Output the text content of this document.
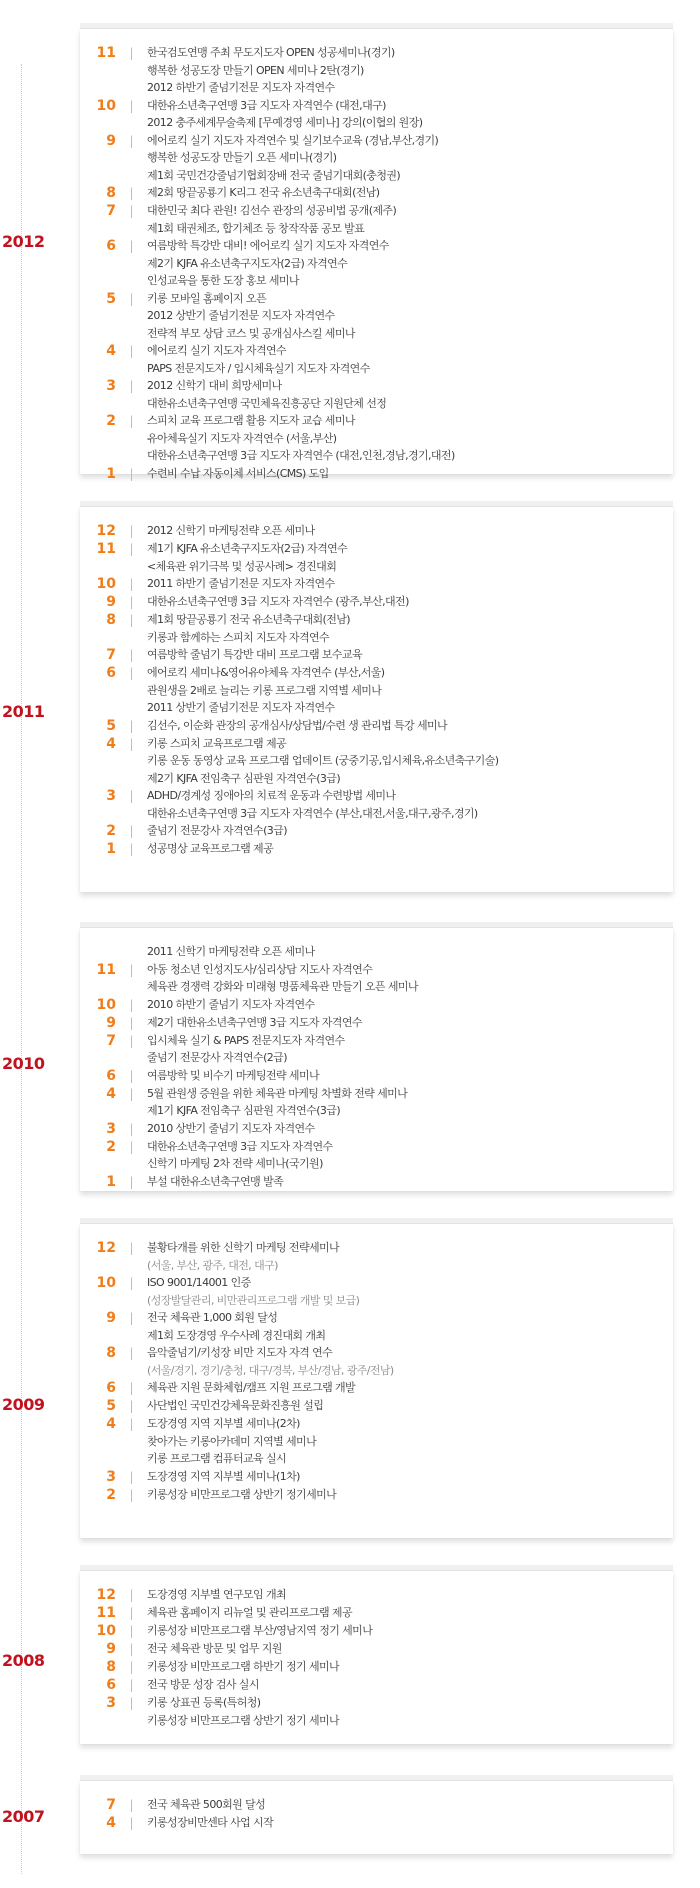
2012
11	|	한국검도연맹 주최 무도지도자 OPEN 성공세미나(경기)
행복한 성공도장 만들기 OPEN 세미나 2탄(경기)
2012 하반기 줄넘기전문 지도자 자격연수
10	|	대한유소년축구연맹 3급 지도자 자격연수 (대전,대구)
2012 충주세계무술축제 [무예경영 세미나] 강의(이협의 원장)
9	|	에어로킥 실기 지도자 자격연수 및 실기보수교육 (경남,부산,경기)
행복한 성공도장 만들기 오픈 세미나(경기)
제1회 국민건강줄넘기협회장배 전국 줄넘기대회(충청권)
8	|	제2회 땅끝공룡기 K리그 전국 유소년축구대회(전남)
7	|	대한민국 최다 관원! 김선수 관장의 성공비법 공개(제주)
제1회 태권체조, 합기체조 등 창작작품 공모 발표
6	|	여름방학 특강반 대비! 에어로킥 실기 지도자 자격연수
제2기 KJFA 유소년축구지도자(2급) 자격연수
인성교육을 통한 도장 홍보 세미나
5	|	키롱 모바일 홈페이지 오픈
2012 상반기 줄넘기전문 지도자 자격연수
전략적 부모 상담 코스 및 공개심사스킬 세미나
4	|	에어로킥 실기 지도자 자격연수
PAPS 전문지도자 / 입시체육실기 지도자 자격연수
3	|	2012 신학기 대비 희망세미나
대한유소년축구연맹 국민체육진흥공단 지원단체 선정
2	|	스피치 교육 프로그램 활용 지도자 교습 세미나
유아체육실기 지도자 자격연수 (서울,부산)
대한유소년축구연맹 3급 지도자 자격연수 (대전,인천,경남,경기,대전)
1	|	수련비 수납 자동이체 서비스(CMS) 도입
2011
12	|	2012 신학기 마케팅전략 오픈 세미나
11	|	제1기 KJFA 유소년축구지도자(2급) 자격연수
<체육관 위기극복 및 성공사례> 경진대회
10	|	2011 하반기 줄넘기전문 지도자 자격연수
9	|	대한유소년축구연맹 3급 지도자 자격연수 (광주,부산,대전)
8	|	제1회 땅끝공룡기 전국 유소년축구대회(전남)
키롱과 함께하는 스피치 지도자 자격연수
7	|	여름방학 줄넘기 특강반 대비 프로그램 보수교육
6	|	에어로킥 세미나&영어유아체육 자격연수 (부산,서울)
관원생을 2배로 늘리는 키롱 프로그램 지역별 세미나
2011 상반기 줄넘기전문 지도자 자격연수
5	|	김선수, 이순화 관장의 공개심사/상담법/수련 생 관리법 특강 세미나
4	|	키롱 스피치 교육프로그램 제공
키롱 운동 동영상 교육 프로그램 업데이트 (궁중기공,입시체육,유소년축구기술)
제2기 KJFA 전임축구 심판원 자격연수(3급)
3	|	ADHD/경계성 징애아의 치료적 운동과 수련방법 세미나
대한유소년축구연맹 3급 지도자 자격연수 (부산,대전,서울,대구,광주,경기)
2	|	줄넘기 전문강사 자격연수(3급)
1	|	성공명상 교육프로그램 제공
2010
2011 신학기 마케팅전략 오픈 세미나
11	|	아동 청소년 인성지도사/심리상담 지도사 자격연수
체육관 경쟁력 강화와 미래형 명품체육관 만들기 오픈 세미나
10	|	2010 하반기 줄넘기 지도자 자격연수
9	|	제2기 대한유소년축구연맹 3급 지도자 자격연수
7	|	입시체육 실기 & PAPS 전문지도자 자격연수
줄넘기 전문강사 자격연수(2급)
6	|	여름방학 및 비수기 마케팅전략 세미나
4	|	5월 관원생 증원을 위한 체육관 마케팅 차별화 전략 세미나
제1기 KJFA 전임축구 심판원 자격연수(3급)
3	|	2010 상반기 줄넘기 지도자 자격연수
2	|	대한유소년축구연맹 3급 지도자 자격연수
신학기 마케팅 2차 전략 세미나(국기원)
1	|	부설 대한유소년축구연맹 발족
2009
12	|	불황타개를 위한 신학기 마케팅 전략세미나
(서울, 부산, 광주, 대전, 대구)
10	|	ISO 9001/14001 인증
(성장발달관리, 비만관리프로그램 개발 및 보급)
9	|	전국 체육관 1,000 회원 달성
제1회 도장경영 우수사례 경진대회 개최
8	|	음악줄넘기/키성장 비만 지도자 자격 연수
(서울/경기, 경기/충청, 대구/경북, 부산/경남, 광주/전남)
6	|	체육관 지원 문화체험/캠프 지원 프로그램 개발
5	|	사단법인 국민건강체육문화진흥원 설립
4	|	도장경영 지역 지부별 세미나(2차)
찾아가는 키롱아카데미 지역별 세미나
키롱 프로그램 컴퓨터교육 실시
3	|	도장경영 지역 지부별 세미나(1차)
2	|	키롱성장 비만프로그램 상반기 정기세미나
2008
12	|	도장경영 지부별 연구모임 개최
11	|	체육관 홈페이지 리뉴얼 및 관리프로그램 제공
10	|	키롱성장 비만프로그램 부산/영남지역 정기 세미나
9	|	전국 체육관 방문 및 업무 지원
8	|	키롱성장 비만프로그램 하반기 정기 세미나
6	|	전국 방문 성장 검사 실시
3	|	키롱 상표권 등록(특허청)
키롱성장 비만프로그램 상반기 정기 세미나
2007
7	|	전국 체육관 500회원 달성
4	|	키롱성장비만센타 사업 시작
